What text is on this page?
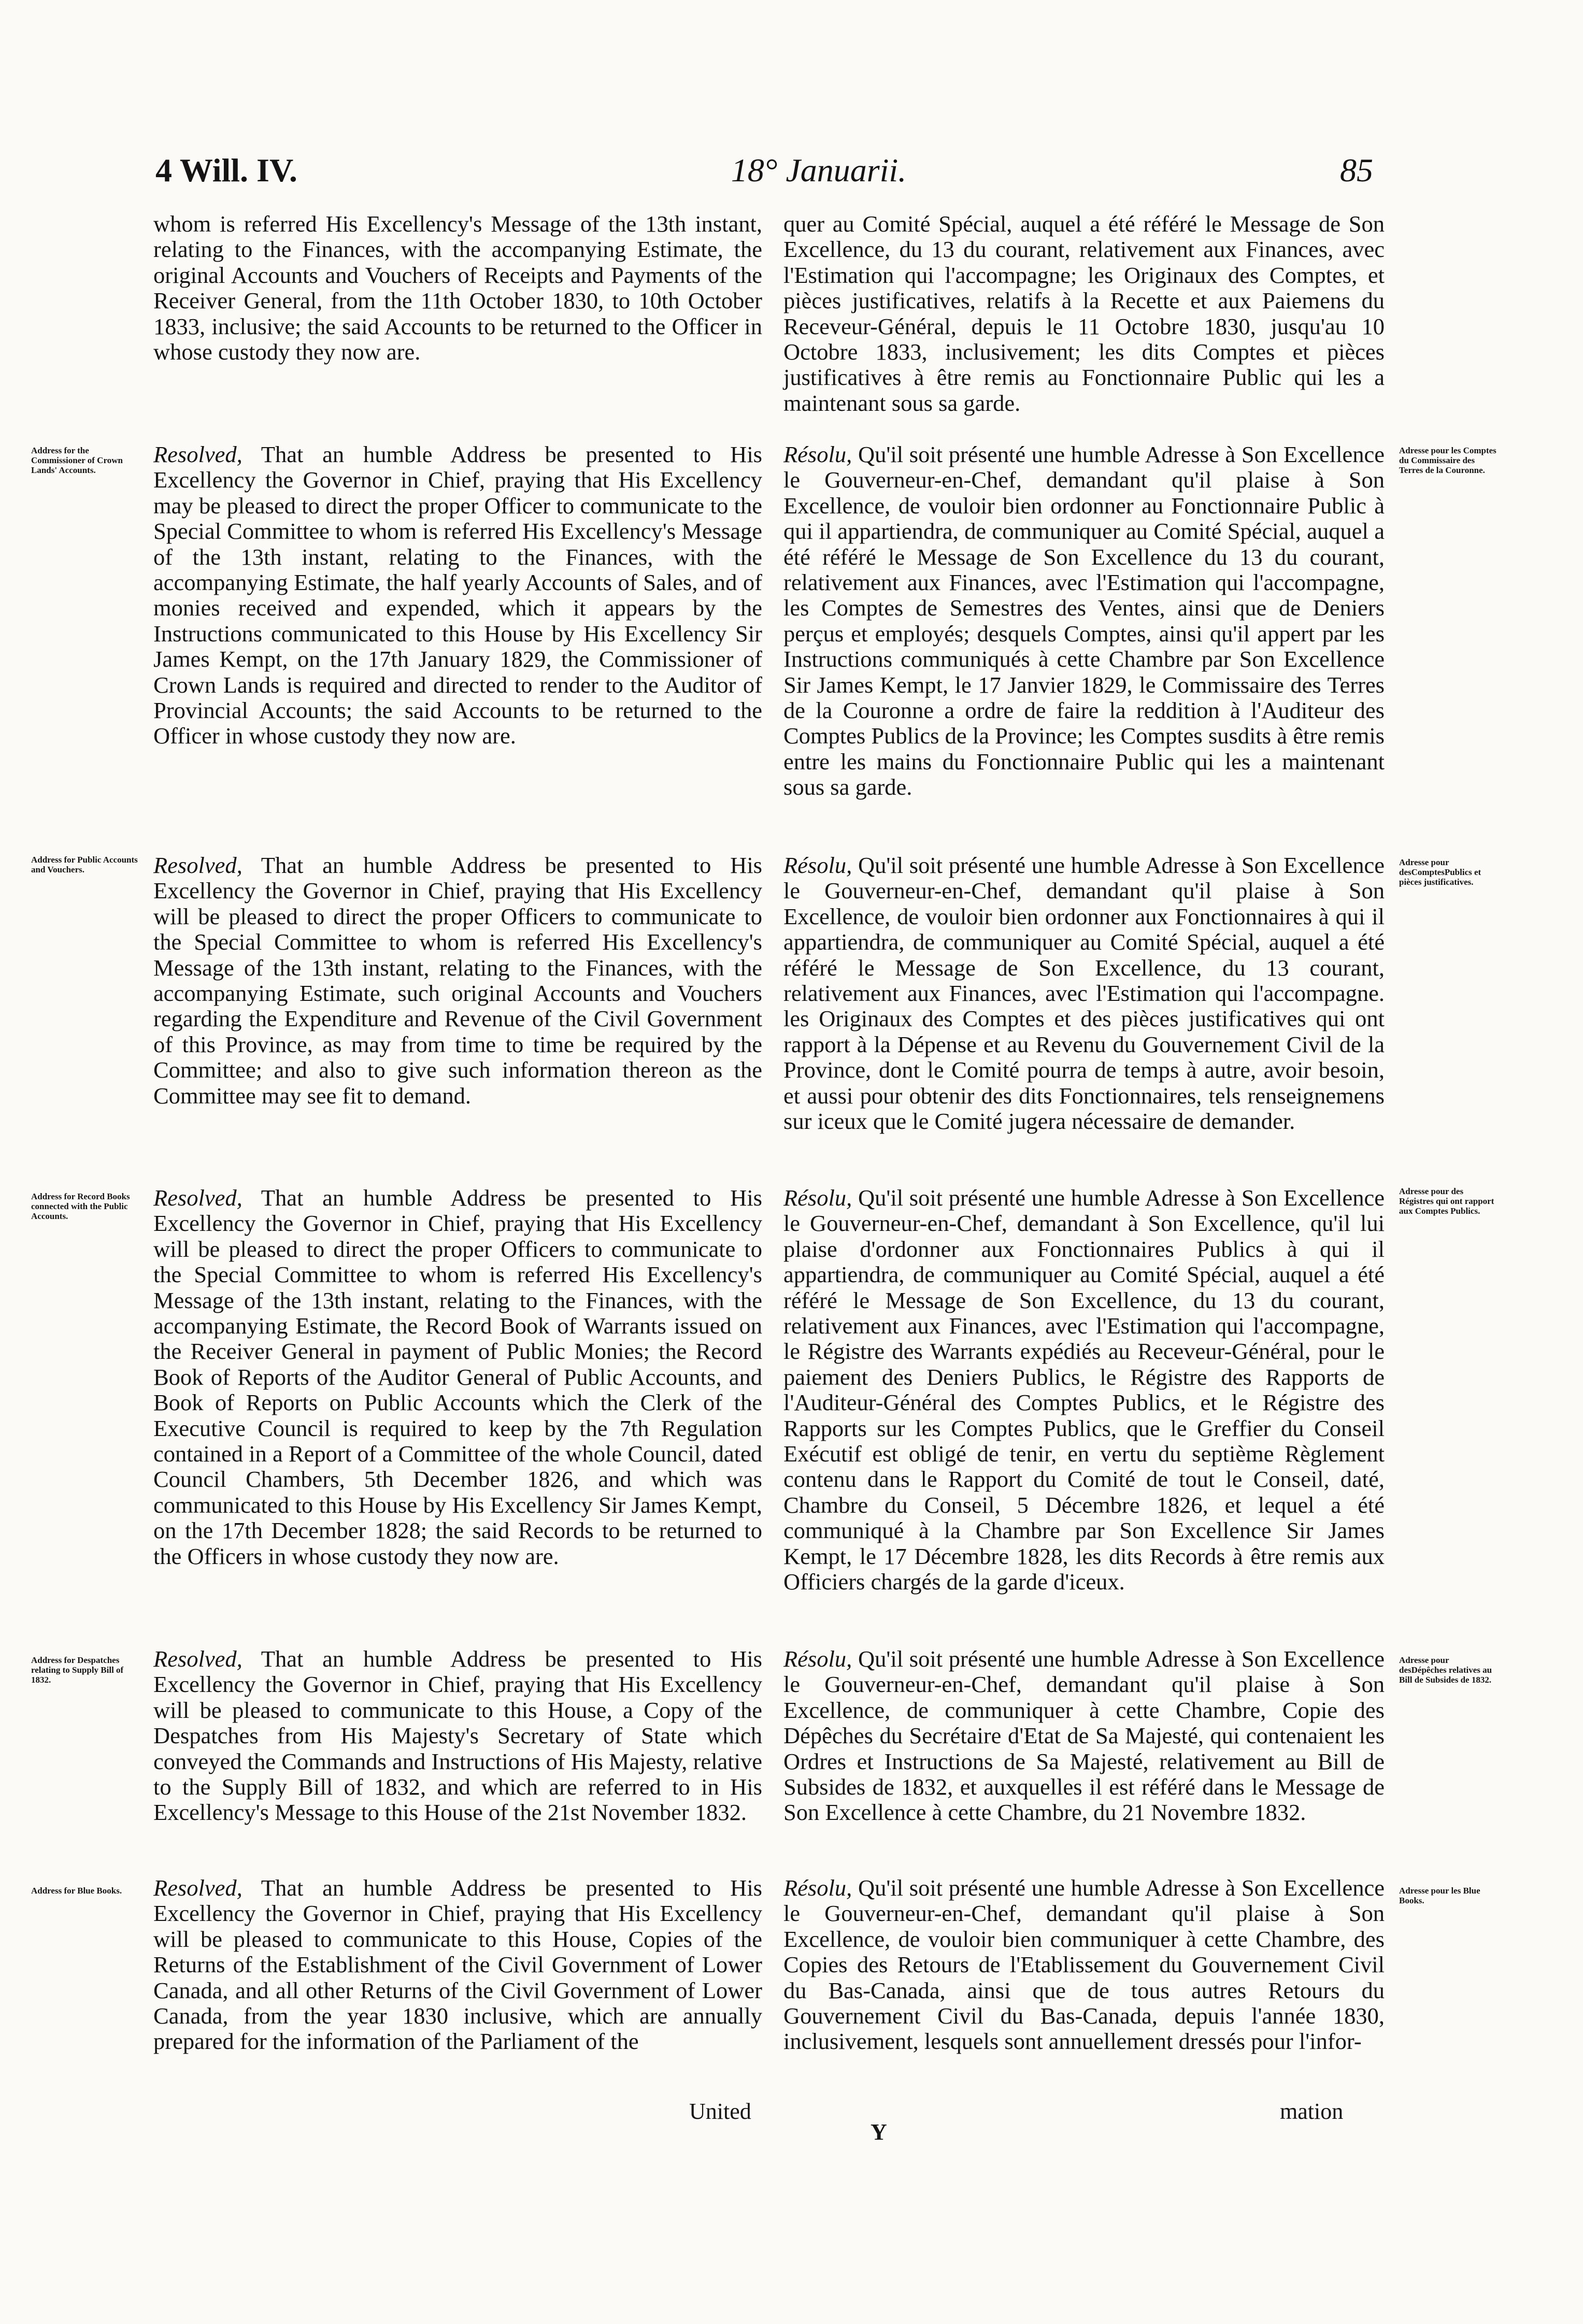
4 Will. IV.	18° Januarii.	85

whom is referred His Excellency's Message of the 13th instant, relating to the Finances, with the accompanying Estimate, the original Accounts and Vouchers of Receipts and Payments of the Receiver General, from the 11th October 1830, to 10th October 1833, inclusive; the said Accounts to be returned to the Officer in whose custody they now are.

Resolved, That an humble Address be presented to His Excellency the Governor in Chief, praying that His Excellency may be pleased to direct the proper Officer to communicate to the Special Committee to whom is referred His Excellency's Message of the 13th instant, relating to the Finances, with the accompanying Estimate, the half yearly Accounts of Sales, and of monies received and expended, which it appears by the Instructions communicated to this House by His Excellency Sir James Kempt, on the 17th January 1829, the Commissioner of Crown Lands is required and directed to render to the Auditor of Provincial Accounts; the said Accounts to be returned to the Officer in whose custody they now are.

Resolved, That an humble Address be presented to His Excellency the Governor in Chief, praying that His Excellency will be pleased to direct the proper Officers to communicate to the Special Committee to whom is referred His Excellency's Message of the 13th instant, relating to the Finances, with the accompanying Estimate, such original Accounts and Vouchers regarding the Expenditure and Revenue of the Civil Government of this Province, as may from time to time be required by the Committee; and also to give such information thereon as the Committee may see fit to demand.

Resolved, That an humble Address be presented to His Excellency the Governor in Chief, praying that His Excellency will be pleased to direct the proper Officers to communicate to the Special Committee to whom is referred His Excellency's Message of the 13th instant, relating to the Finances, with the accompanying Estimate, the Record Book of Warrants issued on the Receiver General in payment of Public Monies; the Record Book of Reports of the Auditor General of Public Accounts, and Book of Reports on Public Accounts which the Clerk of the Executive Council is required to keep by the 7th Regulation contained in a Report of a Committee of the whole Council, dated Council Chambers, 5th December 1826, and which was communicated to this House by His Excellency Sir James Kempt, on the 17th December 1828; the said Records to be returned to the Officers in whose custody they now are.

Resolved, That an humble Address be presented to His Excellency the Governor in Chief, praying that His Excellency will be pleased to communicate to this House, a Copy of the Despatches from His Majesty's Secretary of State which conveyed the Commands and Instructions of His Majesty, relative to the Supply Bill of 1832, and which are referred to in His Excellency's Message to this House of the 21st November 1832.

Resolved, That an humble Address be presented to His Excellency the Governor in Chief, praying that His Excellency will be pleased to communicate to this House, Copies of the Returns of the Establishment of the Civil Government of Lower Canada, and all other Returns of the Civil Government of Lower Canada, from the year 1830 inclusive, which are annually prepared for the information of the Parliament of the

quer au Comité Spécial, auquel a été référé le Message de Son Excellence, du 13 du courant, relativement aux Finances, avec l'Estimation qui l'accompagne; les Originaux des Comptes, et pièces justificatives, relatifs à la Recette et aux Paiemens du Receveur-Général, depuis le 11 Octobre 1830, jusqu'au 10 Octobre 1833, inclusivement; les dits Comptes et pièces justificatives à être remis au Fonctionnaire Public qui les a maintenant sous sa garde.

Résolu, Qu'il soit présenté une humble Adresse à Son Excellence le Gouverneur-en-Chef, demandant qu'il plaise à Son Excellence, de vouloir bien ordonner au Fonctionnaire Public à qui il appartiendra, de communiquer au Comité Spécial, auquel a été référé le Message de Son Excellence du 13 du courant, relativement aux Finances, avec l'Estimation qui l'accompagne, les Comptes de Semestres des Ventes, ainsi que de Deniers perçus et employés; desquels Comptes, ainsi qu'il appert par les Instructions communiqués à cette Chambre par Son Excellence Sir James Kempt, le 17 Janvier 1829, le Commissaire des Terres de la Couronne a ordre de faire la reddition à l'Auditeur des Comptes Publics de la Province; les Comptes susdits à être remis entre les mains du Fonctionnaire Public qui les a maintenant sous sa garde.

Résolu, Qu'il soit présenté une humble Adresse à Son Excellence le Gouverneur-en-Chef, demandant qu'il plaise à Son Excellence, de vouloir bien ordonner aux Fonctionnaires à qui il appartiendra, de communiquer au Comité Spécial, auquel a été référé le Message de Son Excellence, du 13 courant, relativement aux Finances, avec l'Estimation qui l'accompagne. les Originaux des Comptes et des pièces justificatives qui ont rapport à la Dépense et au Revenu du Gouvernement Civil de la Province, dont le Comité pourra de temps à autre, avoir besoin, et aussi pour obtenir des dits Fonctionnaires, tels renseignemens sur iceux que le Comité jugera nécessaire de demander.

Résolu, Qu'il soit présenté une humble Adresse à Son Excellence le Gouverneur-en-Chef, demandant à Son Excellence, qu'il lui plaise d'ordonner aux Fonctionnaires Publics à qui il appartiendra, de communiquer au Comité Spécial, auquel a été référé le Message de Son Excellence, du 13 du courant, relativement aux Finances, avec l'Estimation qui l'accompagne, le Régistre des Warrants expédiés au Receveur-Général, pour le paiement des Deniers Publics, le Régistre des Rapports de l'Auditeur-Général des Comptes Publics, et le Régistre des Rapports sur les Comptes Publics, que le Greffier du Conseil Exécutif est obligé de tenir, en vertu du septième Règlement contenu dans le Rapport du Comité de tout le Conseil, daté, Chambre du Conseil, 5 Décembre 1826, et lequel a été communiqué à la Chambre par Son Excellence Sir James Kempt, le 17 Décembre 1828, les dits Records à être remis aux Officiers chargés de la garde d'iceux.

Résolu, Qu'il soit présenté une humble Adresse à Son Excellence le Gouverneur-en-Chef, demandant qu'il plaise à Son Excellence, de communiquer à cette Chambre, Copie des Dépêches du Secrétaire d'Etat de Sa Majesté, qui contenaient les Ordres et Instructions de Sa Majesté, relativement au Bill de Subsides de 1832, et auxquelles il est référé dans le Message de Son Excellence à cette Chambre, du 21 Novembre 1832.

Résolu, Qu'il soit présenté une humble Adresse à Son Excellence le Gouverneur-en-Chef, demandant qu'il plaise à Son Excellence, de vouloir bien communiquer à cette Chambre, des Copies des Retours de l'Etablissement du Gouvernement Civil du Bas-Canada, ainsi que de tous autres Retours du Gouvernement Civil du Bas-Canada, depuis l'année 1830, inclusivement, lesquels sont annuellement dressés pour l'infor-

United	mation
Address for the Commissioner of Crown Lands' Accounts.
Address for Public Accounts and Vouchers.
Address for Record Books connected with the Public Accounts.
Address for Despatches relating to Supply Bill of 1832.
Address for Blue Books.
Adresse pour les Comptes du Commissaire des Terres de la Couronne.
Adresse pour desComptesPublics et pièces justificatives.
Adresse pour des Régistres qui ont rapport aux Comptes Publics.
Adresse pour desDépêches relatives au Bill de Subsides de 1832.
Adresse pour les Blue Books.
Y
